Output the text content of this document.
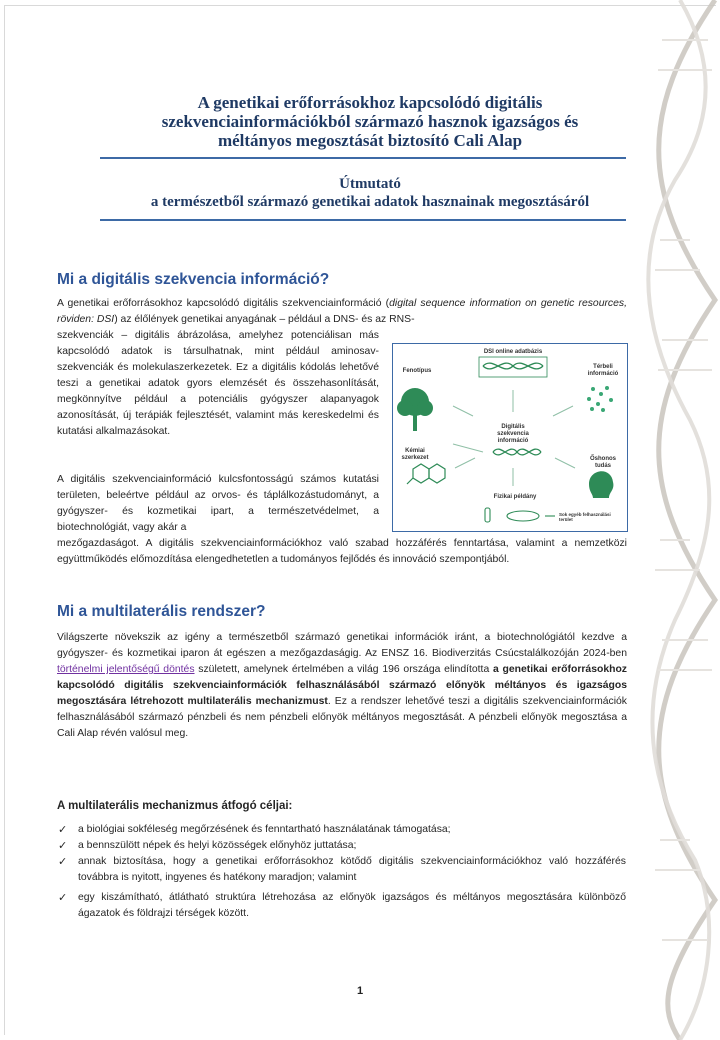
A genetikai erőforrásokhoz kapcsolódó digitális
szekvenciainformációkból származó hasznok igazságos és
méltányos megosztását biztosító Cali Alap
Útmutató
a természetből származó genetikai adatok hasznainak megosztásáról
Mi a digitális szekvencia információ?
A genetikai erőforrásokhoz kapcsolódó digitális szekvenciainformáció (digital sequence information on genetic resources, röviden: DSI) az élőlények genetikai anyagának – például a DNS- és az RNS-
szekvenciák – digitális ábrázolása, amelyhez potenciálisan más kapcsolódó adatok is társulhatnak, mint például aminosav-szekvenciák és molekulaszerkezetek. Ez a digitális kódolás lehetővé teszi a genetikai adatok gyors elemzését és összehasonlítását, megkönnyítve például a potenciális gyógyszer alapanyagok azonosítását, új terápiák fejlesztését, valamint más kereskedelmi és kutatási alkalmazásokat.
A digitális szekvenciainformáció kulcsfontosságú számos kutatási területen, beleértve például az orvos- és táplálkozástudományt, a gyógyszer- és kozmetikai ipart, a természetvédelmet, a biotechnológiát, vagy akár a
mezőgazdaságot. A digitális szekvenciainformációkhoz való szabad hozzáférés fenntartása, valamint a nemzetközi együttműködés előmozdítása elengedhetetlen a tudományos fejlődés és innováció szempontjából.
DSI online adatbázis
Fenotípus
Térbeli információ
Digitális szekvencia információ
Kémiai szerkezet	Őshonos tudás
Fizikai példány
Sok egyéb felhasználási terület
Mi a multilaterális rendszer?
Világszerte növekszik az igény a természetből származó genetikai információk iránt, a biotechnológiától kezdve a gyógyszer- és kozmetikai iparon át egészen a mezőgazdaságig. Az ENSZ 16. Biodiverzitás Csúcstalálkozóján 2024-ben történelmi jelentőségű döntés született, amelynek értelmében a világ 196 országa elindította a genetikai erőforrásokhoz kapcsolódó digitális szekvenciainformációk felhasználásából származó előnyök méltányos és igazságos megosztására létrehozott multilaterális mechanizmust. Ez a rendszer lehetővé teszi a digitális szekvenciainformációk felhasználásából származó pénzbeli és nem pénzbeli előnyök méltányos megosztását. A pénzbeli előnyök megosztása a Cali Alap révén valósul meg.
A multilaterális mechanizmus átfogó céljai:
✓ a biológiai sokféleség megőrzésének és fenntartható használatának támogatása;
✓ a bennszülött népek és helyi közösségek előnyhöz juttatása;
✓ annak biztosítása, hogy a genetikai erőforrásokhoz kötődő digitális szekvenciainformációkhoz való hozzáférés továbbra is nyitott, ingyenes és hatékony maradjon; valamint
✓ egy kiszámítható, átlátható struktúra létrehozása az előnyök igazságos és méltányos megosztására különböző ágazatok és földrajzi térségek között.
1
